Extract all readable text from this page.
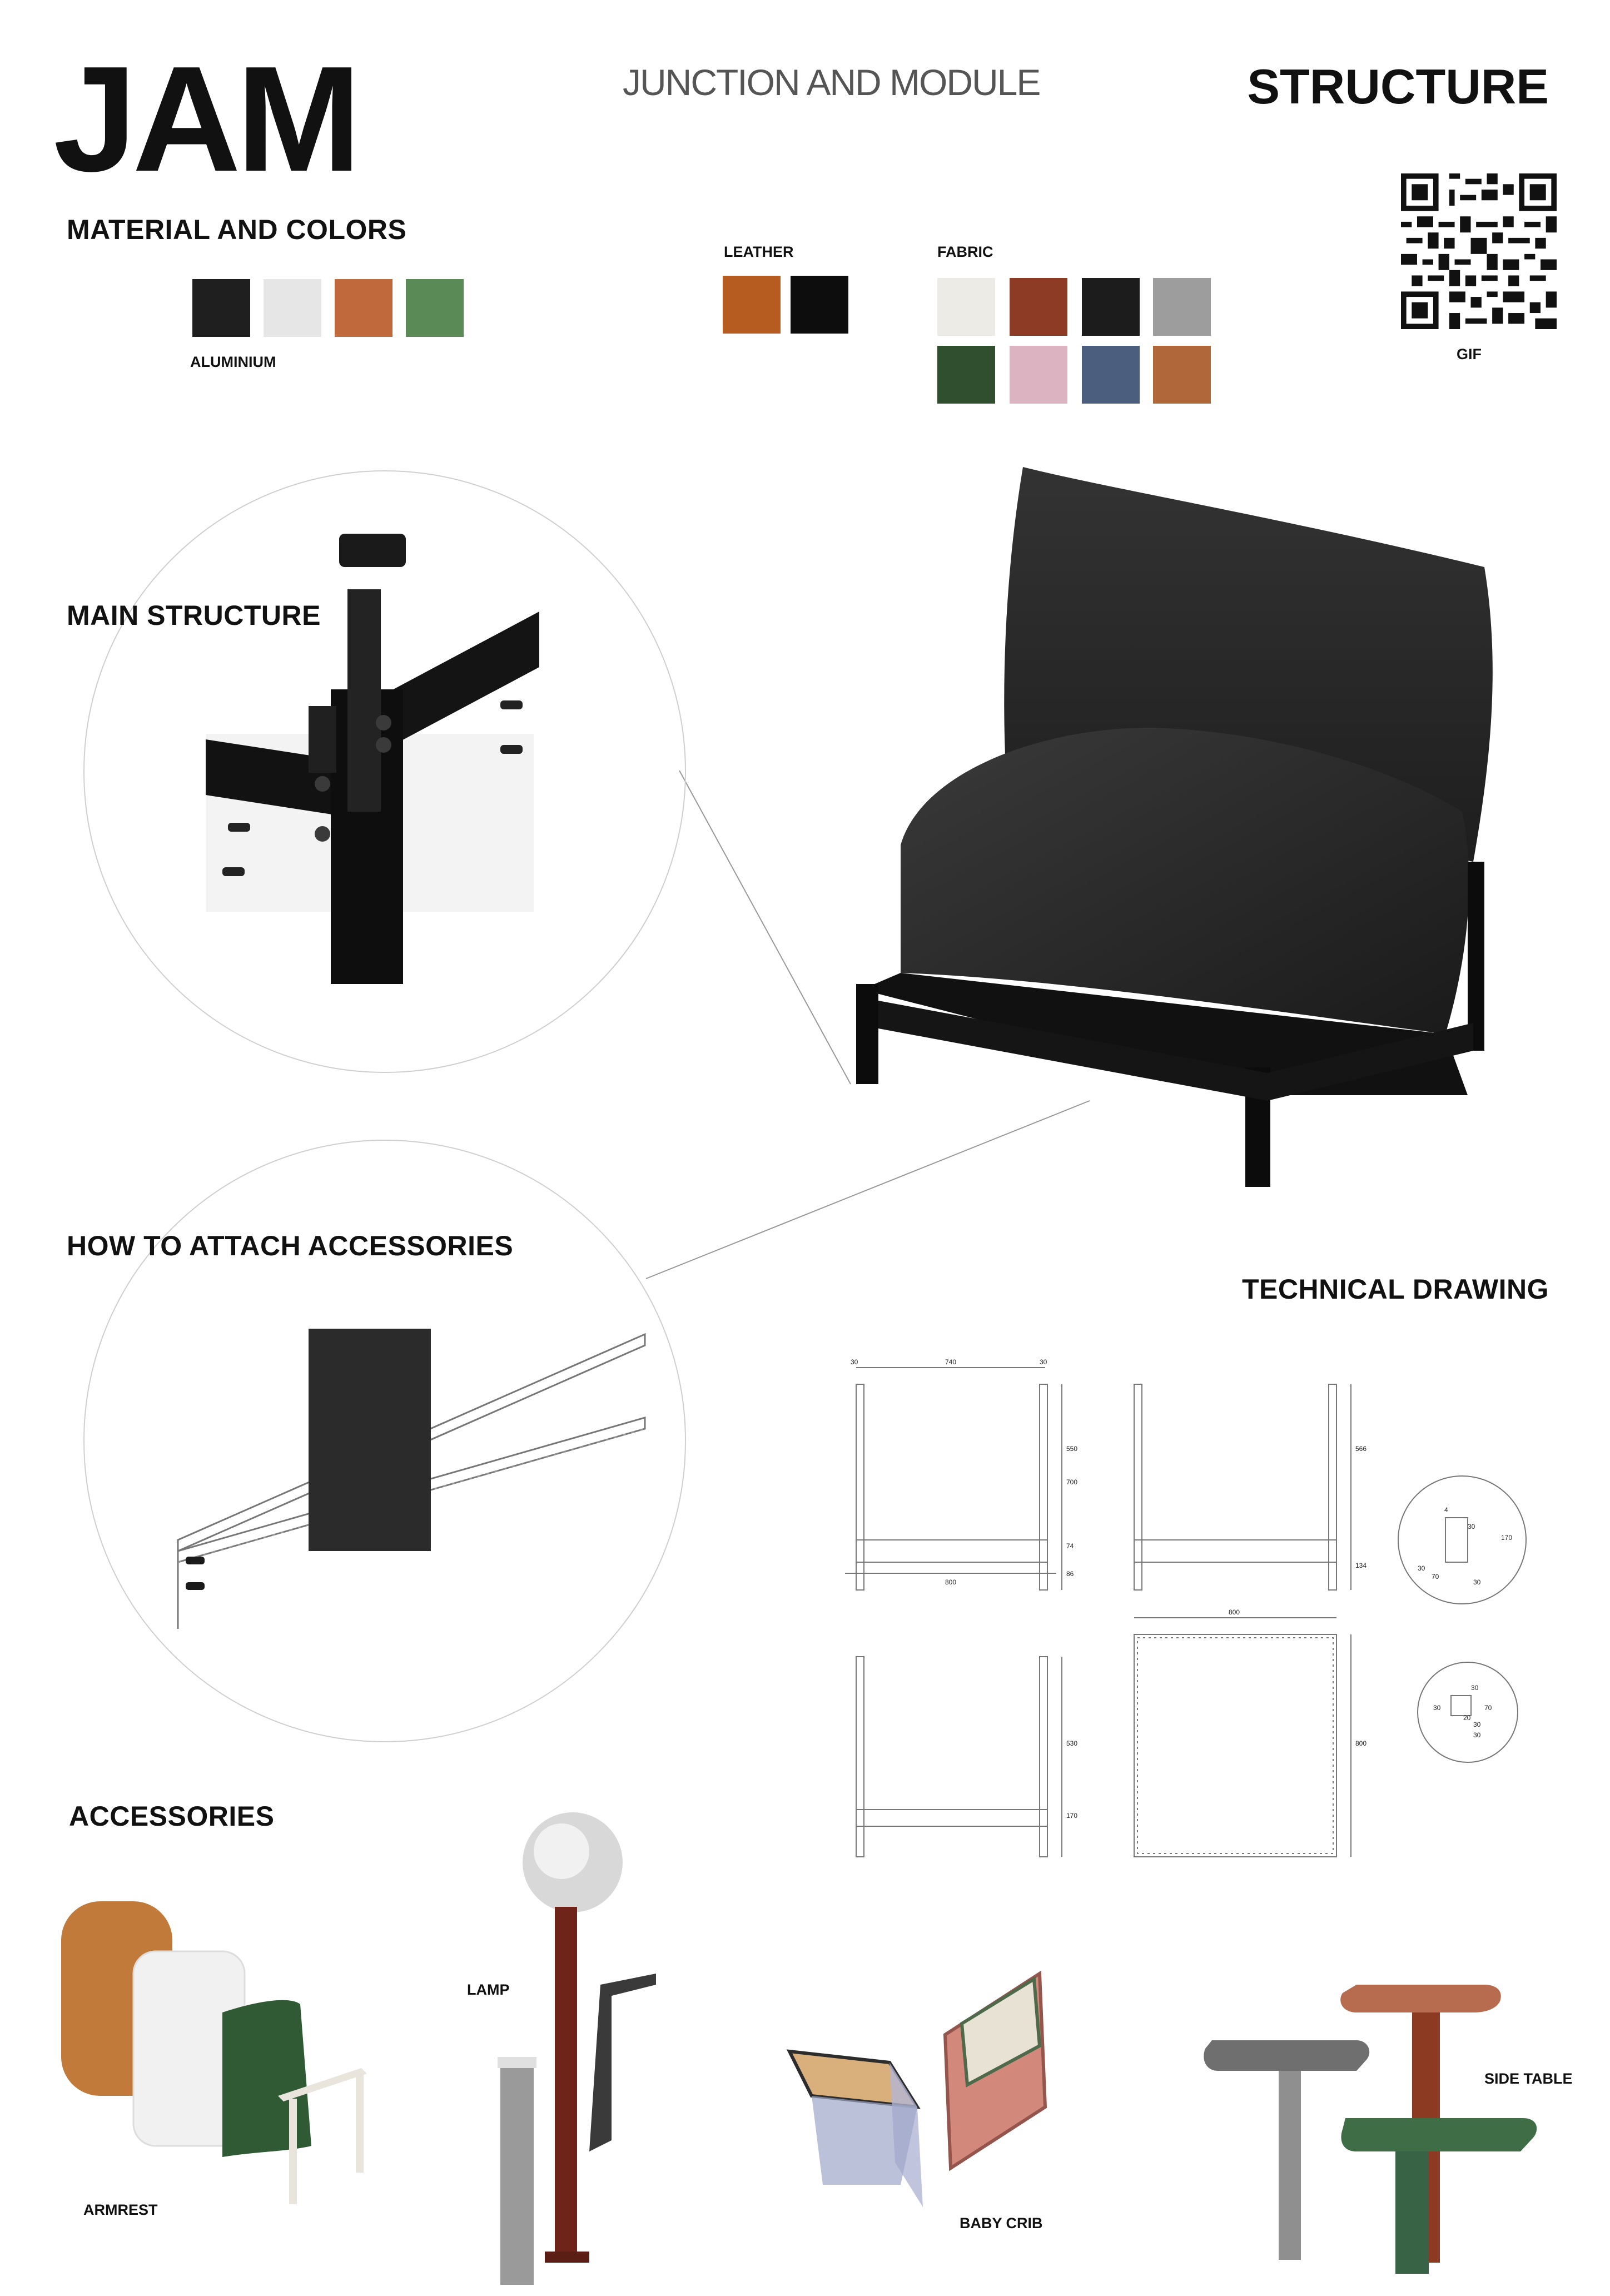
JAM	JUNCTION AND MODULE	STRUCTURE
MATERIAL AND COLORS
ALUMINIUM
LEATHER	FABRIC
GIF
MAIN STRUCTURE
HOW TO ATTACH ACCESSORIES
TECHNICAL DRAWING
30	740	30
550
700
74
86
800
566
134
4
30
170
30
70
30
530
170
800
800
30
30
30
70
20
30
ACCESSORIES
ARMREST
LAMP
BABY CRIB
SIDE TABLE
